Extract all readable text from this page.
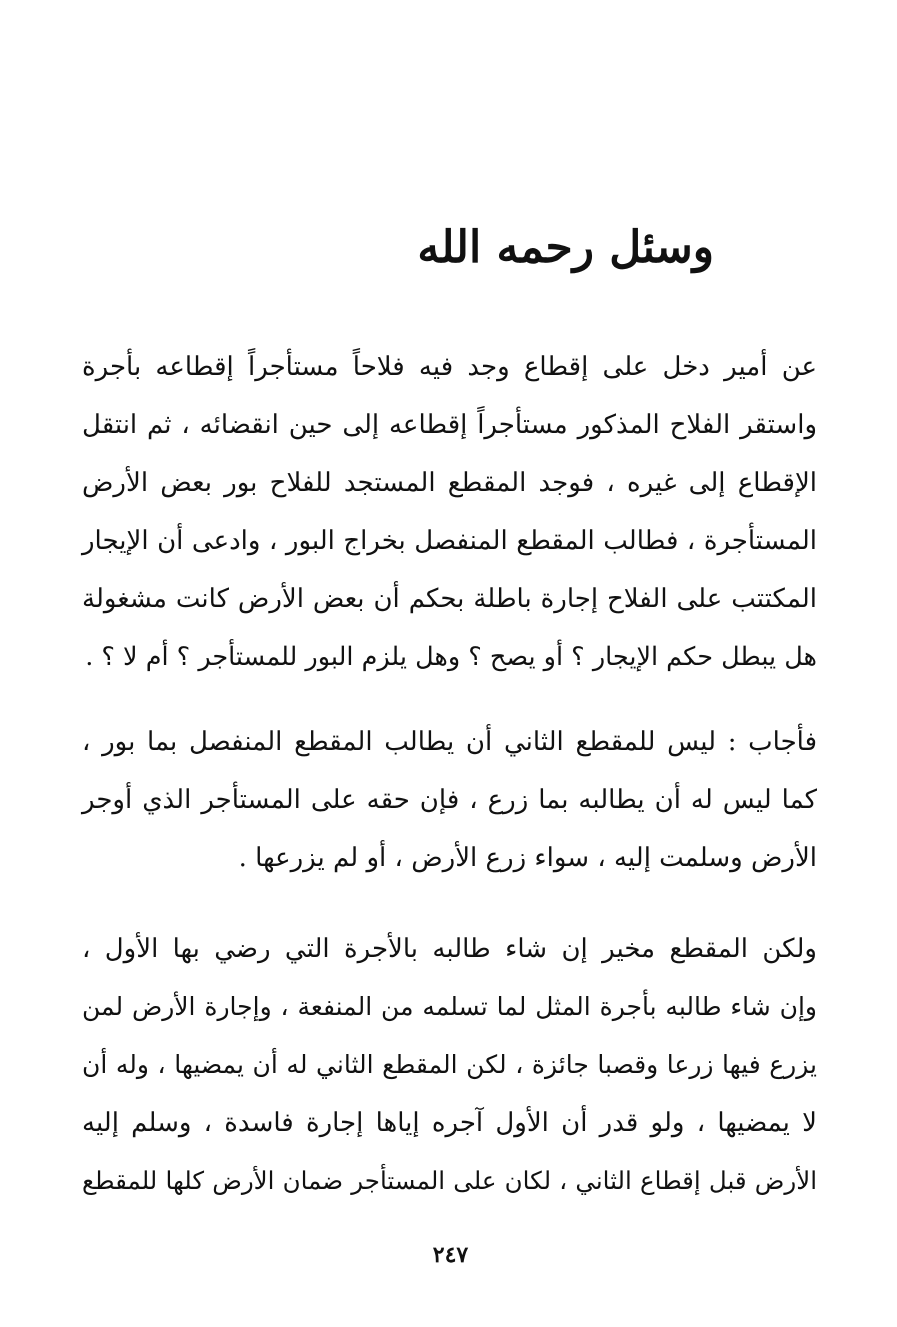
وسئل رحمه الله
عن أمير دخل على إقطاع وجد فيه فلاحاً مستأجراً إقطاعه بأجرة
واستقر الفلاح المذكور مستأجراً إقطاعه إلى حين انقضائه ، ثم انتقل
الإقطاع إلى غيره ، فوجد المقطع المستجد للفلاح بور بعض الأرض
المستأجرة ، فطالب المقطع المنفصل بخراج البور ، وادعى أن الإيجار
المكتتب على الفلاح إجارة باطلة بحكم أن بعض الأرض كانت مشغولة
هل يبطل حكم الإيجار ؟ أو يصح ؟ وهل يلزم البور للمستأجر ؟ أم لا ؟ .
فأجاب : ليس للمقطع الثاني أن يطالب المقطع المنفصل بما بور ،
كما ليس له أن يطالبه بما زرع ، فإن حقه على المستأجر الذي أوجر
الأرض وسلمت إليه ، سواء زرع الأرض ، أو لم يزرعها .
ولكن المقطع مخير إن شاء طالبه بالأجرة التي رضي بها الأول ،
وإن شاء طالبه بأجرة المثل لما تسلمه من المنفعة ، وإجارة الأرض لمن
يزرع فيها زرعا وقصبا جائزة ، لكن المقطع الثاني له أن يمضيها ، وله أن
لا يمضيها ، ولو قدر أن الأول آجره إياها إجارة فاسدة ، وسلم إليه
الأرض قبل إقطاع الثاني ، لكان على المستأجر ضمان الأرض كلها للمقطع
٢٤٧
